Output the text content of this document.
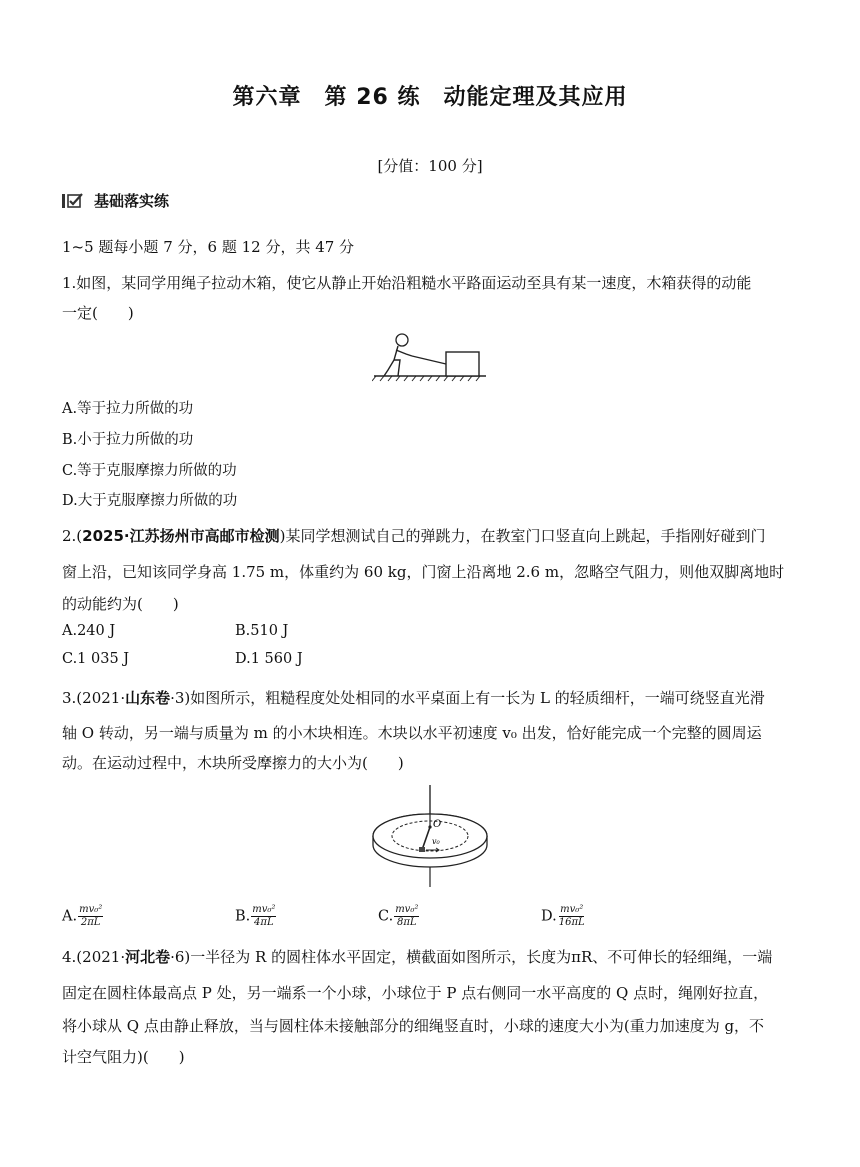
第六章　第 26 练　动能定理及其应用
[分值：100 分]
基础落实练
1~5 题每小题 7 分，6 题 12 分，共 47 分
1.如图，某同学用绳子拉动木箱，使它从静止开始沿粗糙水平路面运动至具有某一速度，木箱获得的动能
一定(　　)
A.等于拉力所做的功
B.小于拉力所做的功
C.等于克服摩擦力所做的功
D.大于克服摩擦力所做的功
2.(2025·江苏扬州市高邮市检测)某同学想测试自己的弹跳力，在教室门口竖直向上跳起，手指刚好碰到门
窗上沿，已知该同学身高 1.75 m，体重约为 60 kg，门窗上沿离地 2.6 m，忽略空气阻力，则他双脚离地时
的动能约为(　　)
A.240 J	B.510 J
C.1 035 J	D.1 560 J
3.(2021·山东卷·3)如图所示，粗糙程度处处相同的水平桌面上有一长为 L 的轻质细杆，一端可绕竖直光滑
轴 O 转动，另一端与质量为 m 的小木块相连。木块以水平初速度 v₀ 出发，恰好能完成一个完整的圆周运
动。在运动过程中，木块所受摩擦力的大小为(　　)
O
v₀
A. $\frac{\text{mv₀²}}{2\pi L}$	B. $\frac{\text{mv₀²}}{4\pi L}$	C. $\frac{\text{mv₀²}}{8\pi L}$	D. $\frac{\text{mv₀²}}{16\pi L}$
4.(2021·河北卷·6)一半径为 R 的圆柱体水平固定，横截面如图所示，长度为πR、不可伸长的轻细绳，一端
固定在圆柱体最高点 P 处，另一端系一个小球，小球位于 P 点右侧同一水平高度的 Q 点时，绳刚好拉直，
将小球从 Q 点由静止释放，当与圆柱体未接触部分的细绳竖直时，小球的速度大小为(重力加速度为 g，不
计空气阻力)(　　)
